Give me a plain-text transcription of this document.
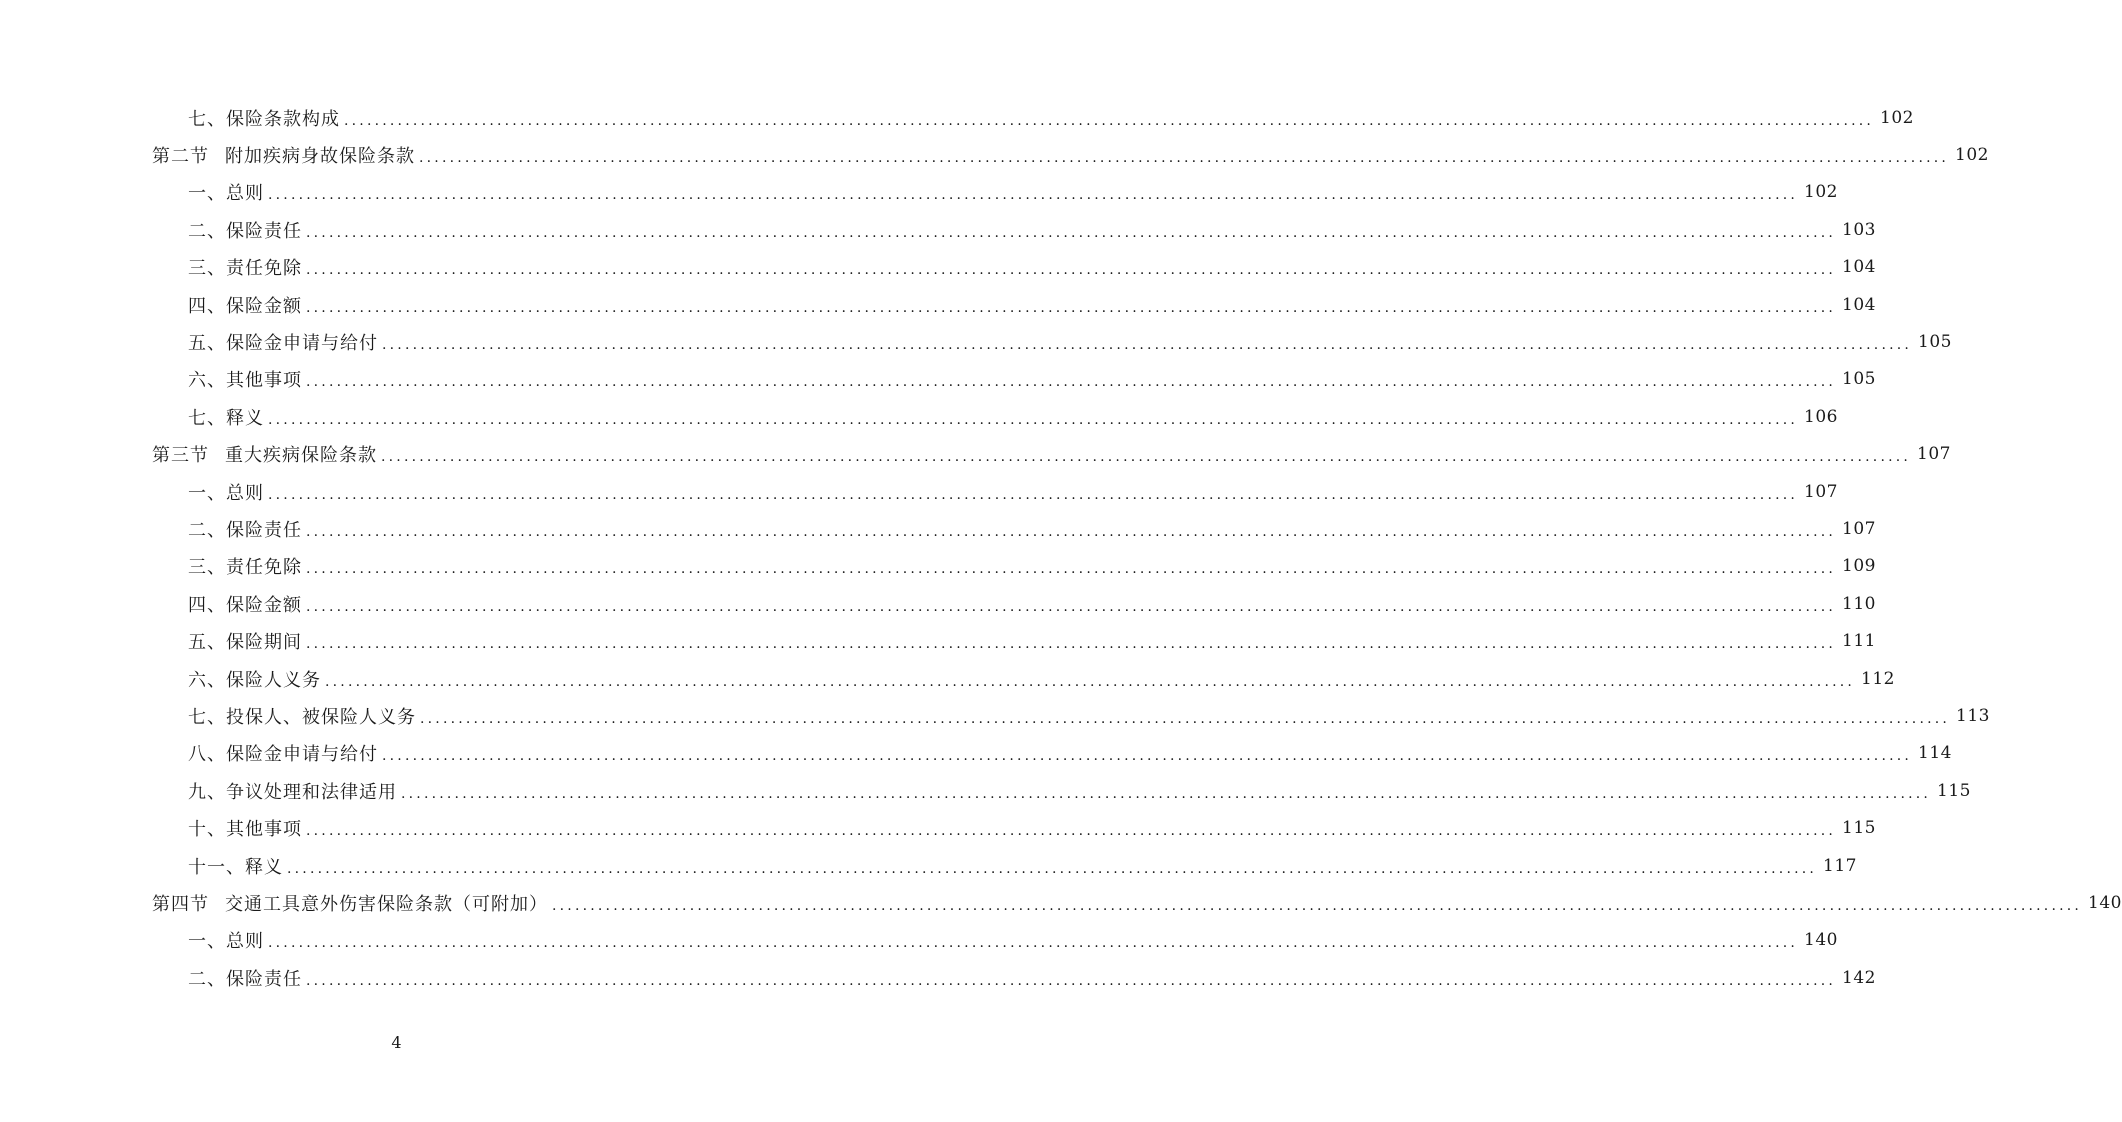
七、保险条款构成 ........................................................................................................................................................................................................ 102
第二节 附加疾病身故保险条款 ........................................................................................................................................................................................................ 102
一、总则 ........................................................................................................................................................................................................ 102
二、保险责任 ........................................................................................................................................................................................................ 103
三、责任免除 ........................................................................................................................................................................................................ 104
四、保险金额 ........................................................................................................................................................................................................ 104
五、保险金申请与给付 ........................................................................................................................................................................................................ 105
六、其他事项 ........................................................................................................................................................................................................ 105
七、释义 ........................................................................................................................................................................................................ 106
第三节 重大疾病保险条款 ........................................................................................................................................................................................................ 107
一、总则 ........................................................................................................................................................................................................ 107
二、保险责任 ........................................................................................................................................................................................................ 107
三、责任免除 ........................................................................................................................................................................................................ 109
四、保险金额 ........................................................................................................................................................................................................ 110
五、保险期间 ........................................................................................................................................................................................................ 111
六、保险人义务 ........................................................................................................................................................................................................ 112
七、投保人、被保险人义务 ........................................................................................................................................................................................................ 113
八、保险金申请与给付 ........................................................................................................................................................................................................ 114
九、争议处理和法律适用 ........................................................................................................................................................................................................ 115
十、其他事项 ........................................................................................................................................................................................................ 115
十一、释义 ........................................................................................................................................................................................................ 117
第四节 交通工具意外伤害保险条款（可附加） ........................................................................................................................................................................................................ 140
一、总则 ........................................................................................................................................................................................................ 140
二、保险责任 ........................................................................................................................................................................................................ 142
4
